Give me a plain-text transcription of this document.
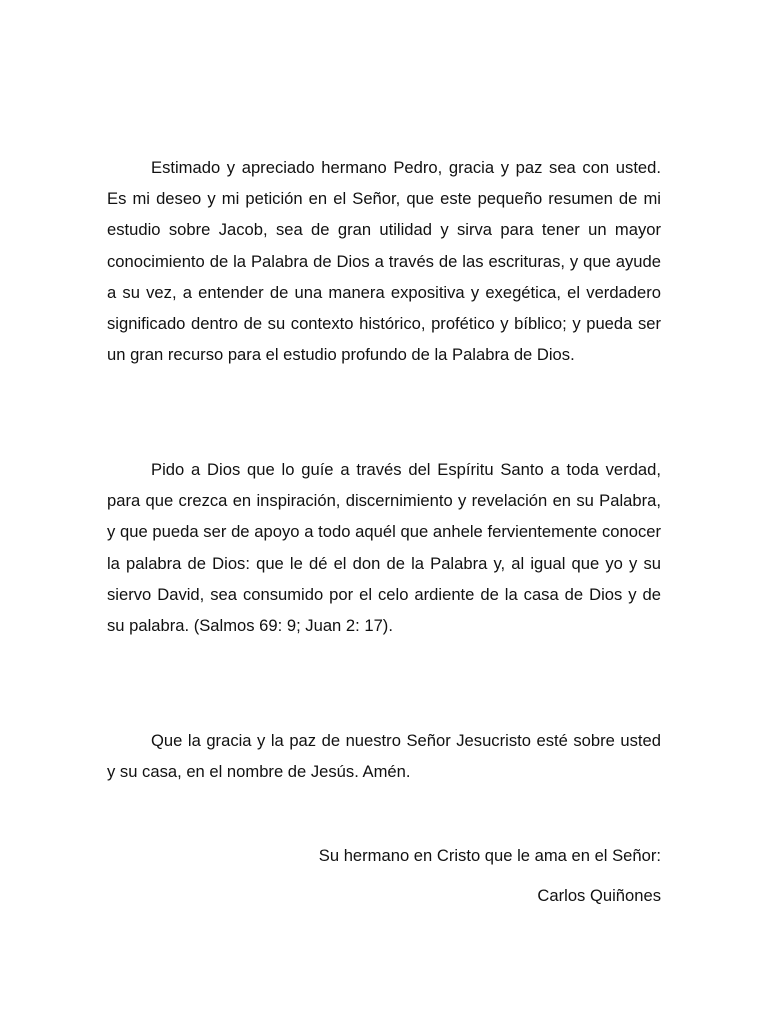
Estimado y apreciado hermano Pedro, gracia y paz sea con usted. Es mi deseo y mi petición en el Señor, que este pequeño resumen de mi estudio sobre Jacob, sea de gran utilidad y sirva para tener un mayor conocimiento de la Palabra de Dios a través de las escrituras, y que ayude a su vez, a entender de una manera expositiva y exegética, el verdadero significado dentro de su contexto histórico, profético y bíblico; y pueda ser un gran recurso para el estudio profundo de la Palabra de Dios.

Pido a Dios que lo guíe a través del Espíritu Santo a toda verdad, para que crezca en inspiración, discernimiento y revelación en su Palabra, y que pueda ser de apoyo a todo aquél que anhele fervientemente conocer la palabra de Dios: que le dé el don de la Palabra y, al igual que yo y su siervo David, sea consumido por el celo ardiente de la casa de Dios y de su palabra. (Salmos 69: 9; Juan 2: 17).

Que la gracia y la paz de nuestro Señor Jesucristo esté sobre usted y su casa, en el nombre de Jesús. Amén.

Su hermano en Cristo que le ama en el Señor:

Carlos Quiñones
